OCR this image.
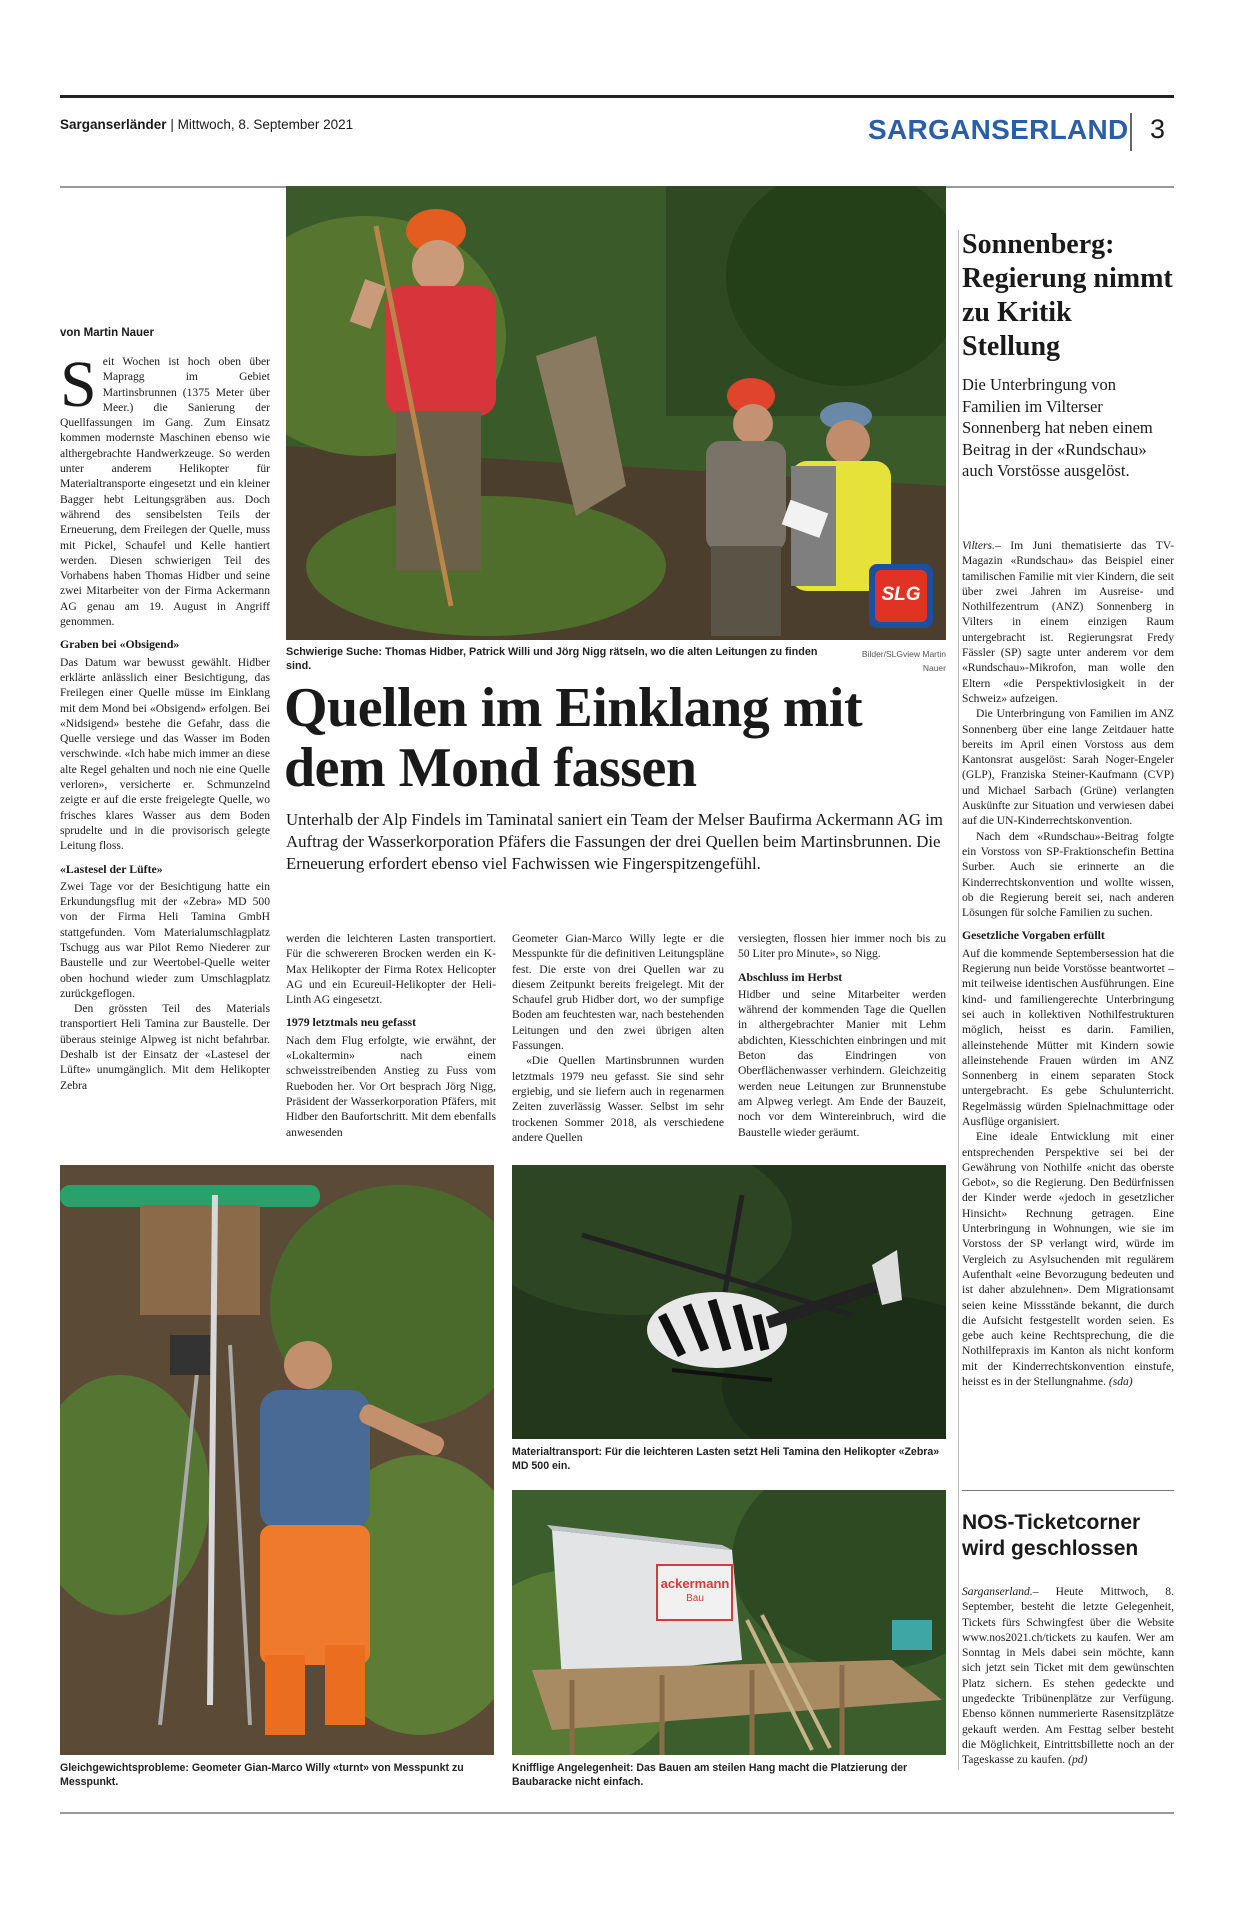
Sarganserländer | Mittwoch, 8. September 2021	SARGANSERLAND 3
SLG
Schwierige Suche: Thomas Hidber, Patrick Willi und Jörg Nigg rätseln, wo die alten Leitungen zu finden sind.
Bilder/SLGview Martin Nauer
Quellen im Einklang mit dem Mond fassen
Unterhalb der Alp Findels im Taminatal saniert ein Team der Melser Baufirma Ackermann AG im Auftrag der Wasserkorporation Pfäfers die Fassungen der drei Quellen beim Martinsbrunnen. Die Erneuerung erfordert ebenso viel Fachwissen wie Fingerspitzengefühl.
von Martin Nauer
S eit Wochen ist hoch oben über Mapragg im Gebiet Martinsbrunnen (1375 Meter über Meer.) die Sanierung der Quellfassungen im Gang. Zum Einsatz kommen modernste Maschinen ebenso wie althergebrachte Handwerkzeuge. So werden unter anderem Helikopter für Materialtransporte eingesetzt und ein kleiner Bagger hebt Leitungsgräben aus. Doch während des sensibelsten Teils der Erneuerung, dem Freilegen der Quelle, muss mit Pickel, Schaufel und Kelle hantiert werden. Diesen schwierigen Teil des Vorhabens haben Thomas Hidber und seine zwei Mitarbeiter von der Firma Ackermann AG genau am 19. August in Angriff genommen.

Graben bei «Obsigend»

Das Datum war bewusst gewählt. Hidber erklärte anlässlich einer Besichtigung, das Freilegen einer Quelle müsse im Einklang mit dem Mond bei «Obsigend» erfolgen. Bei «Nidsigend» bestehe die Gefahr, dass die Quelle versiege und das Wasser im Boden verschwinde. «Ich habe mich immer an diese alte Regel gehalten und noch nie eine Quelle verloren», versicherte er. Schmunzelnd zeigte er auf die erste freigelegte Quelle, wo frisches klares Wasser aus dem Boden sprudelte und in die provisorisch gelegte Leitung floss.

«Lastesel der Lüfte»

Zwei Tage vor der Besichtigung hatte ein Erkundungsflug mit der «Zebra» MD 500 von der Firma Heli Tamina GmbH stattgefunden. Vom Materialumschlagplatz Tschugg aus war Pilot Remo Niederer zur Baustelle und zur Weertobel-Quelle weiter oben hochund wieder zum Umschlagplatz zurückgeflogen.

Den grössten Teil des Materials transportiert Heli Tamina zur Baustelle. Der überaus steinige Alpweg ist nicht befahrbar. Deshalb ist der Einsatz der «Lastesel der Lüfte» unumgänglich. Mit dem Helikopter Zebra

werden die leichteren Lasten transportiert. Für die schwereren Brocken werden ein K-Max Helikopter der Firma Rotex Helicopter AG und ein Ecureuil-Helikopter der Heli-Linth AG eingesetzt.

1979 letztmals neu gefasst

Nach dem Flug erfolgte, wie erwähnt, der «Lokaltermin» nach einem schweisstreibenden Anstieg zu Fuss vom Rueboden her. Vor Ort besprach Jörg Nigg, Präsident der Wasserkorporation Pfäfers, mit Hidber den Baufortschritt. Mit dem ebenfalls anwesenden

Geometer Gian-Marco Willy legte er die Messpunkte für die definitiven Leitungspläne fest. Die erste von drei Quellen war zu diesem Zeitpunkt bereits freigelegt. Mit der Schaufel grub Hidber dort, wo der sumpfige Boden am feuchtesten war, nach bestehenden Leitungen und den zwei übrigen alten Fassungen.

«Die Quellen Martinsbrunnen wurden letztmals 1979 neu gefasst. Sie sind sehr ergiebig, und sie liefern auch in regenarmen Zeiten zuverlässig Wasser. Selbst im sehr trockenen Sommer 2018, als verschiedene andere Quellen

versiegten, flossen hier immer noch bis zu 50 Liter pro Minute», so Nigg.

Abschluss im Herbst

Hidber und seine Mitarbeiter werden während der kommenden Tage die Quellen in althergebrachter Manier mit Lehm abdichten, Kiesschichten einbringen und mit Beton das Eindringen von Oberflächenwasser verhindern. Gleichzeitig werden neue Leitungen zur Brunnenstube am Alpweg verlegt. Am Ende der Bauzeit, noch vor dem Wintereinbruch, wird die Baustelle wieder geräumt.

Gleichgewichtsprobleme: Geometer Gian-Marco Willy «turnt» von Messpunkt zu Messpunkt.
Materialtransport: Für die leichteren Lasten setzt Heli Tamina den Helikopter «Zebra» MD 500 ein.
ackermann
Bau
Knifflige Angelegenheit: Das Bauen am steilen Hang macht die Platzierung der Baubaracke nicht einfach.
Sonnenberg: Regierung nimmt zu Kritik Stellung
Die Unterbringung von Familien im Vilterser Sonnenberg hat neben einem Beitrag in der «Rundschau» auch Vorstösse ausgelöst.

Vilters.– Im Juni thematisierte das TV-Magazin «Rundschau» das Beispiel einer tamilischen Familie mit vier Kindern, die seit über zwei Jahren im Ausreise- und Nothilfezentrum (ANZ) Sonnenberg in Vilters in einem einzigen Raum untergebracht ist. Regierungsrat Fredy Fässler (SP) sagte unter anderem vor dem «Rundschau»-Mikrofon, man wolle den Eltern «die Perspektivlosigkeit in der Schweiz» aufzeigen.

Die Unterbringung von Familien im ANZ Sonnenberg über eine lange Zeitdauer hatte bereits im April einen Vorstoss aus dem Kantonsrat ausgelöst: Sarah Noger-Engeler (GLP), Franziska Steiner-Kaufmann (CVP) und Michael Sarbach (Grüne) verlangten Auskünfte zur Situation und verwiesen dabei auf die UN-Kinderrechtskonvention.

Nach dem «Rundschau»-Beitrag folgte ein Vorstoss von SP-Fraktionschefin Bettina Surber. Auch sie erinnerte an die Kinderrechtskonvention und wollte wissen, ob die Regierung bereit sei, nach anderen Lösungen für solche Familien zu suchen.

Gesetzliche Vorgaben erfüllt

Auf die kommende Septembersession hat die Regierung nun beide Vorstösse beantwortet – mit teilweise identischen Ausführungen. Eine kind- und familiengerechte Unterbringung sei auch in kollektiven Nothilfestrukturen möglich, heisst es darin. Familien, alleinstehende Mütter mit Kindern sowie alleinstehende Frauen würden im ANZ Sonnenberg in einem separaten Stock untergebracht. Es gebe Schulunterricht. Regelmässig würden Spielnachmittage oder Ausflüge organisiert.

Eine ideale Entwicklung mit einer entsprechenden Perspektive sei bei der Gewährung von Nothilfe «nicht das oberste Gebot», so die Regierung. Den Bedürfnissen der Kinder werde «jedoch in gesetzlicher Hinsicht» Rechnung getragen. Eine Unterbringung in Wohnungen, wie sie im Vorstoss der SP verlangt wird, würde im Vergleich zu Asylsuchenden mit regulärem Aufenthalt «eine Bevorzugung bedeuten und ist daher abzulehnen». Dem Migrationsamt seien keine Missstände bekannt, die durch die Aufsicht festgestellt worden seien. Es gebe auch keine Rechtsprechung, die die Nothilfepraxis im Kanton als nicht konform mit der Kinderrechtskonvention einstufe, heisst es in der Stellungnahme. (sda)

NOS-Ticketcorner wird geschlossen

Sarganserland.– Heute Mittwoch, 8. September, besteht die letzte Gelegenheit, Tickets fürs Schwingfest über die Website www.nos2021.ch/tickets zu kaufen. Wer am Sonntag in Mels dabei sein möchte, kann sich jetzt sein Ticket mit dem gewünschten Platz sichern. Es stehen gedeckte und ungedeckte Tribünenplätze zur Verfügung. Ebenso können nummerierte Rasensitzplätze gekauft werden. Am Festtag selber besteht die Möglichkeit, Eintrittsbillette noch an der Tageskasse zu kaufen. (pd)
